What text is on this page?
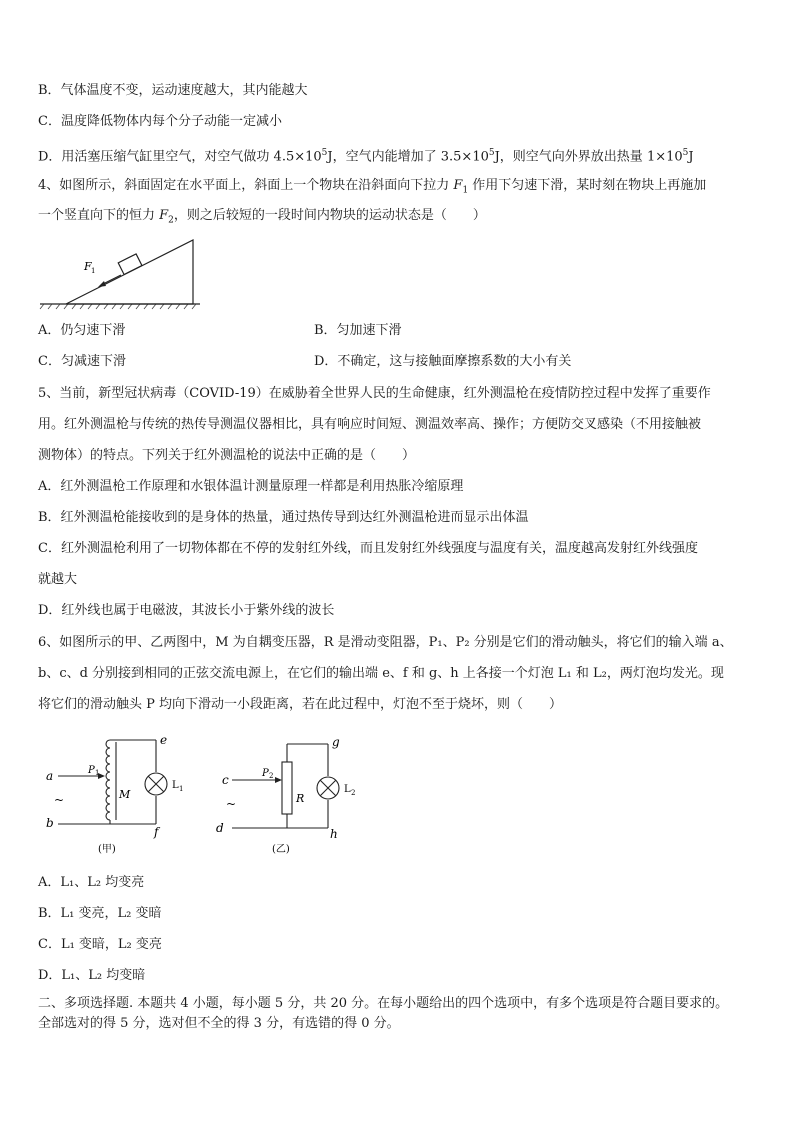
B．气体温度不变，运动速度越大，其内能越大
C．温度降低物体内每个分子动能一定减小
D．用活塞压缩气缸里空气，对空气做功 $4.5\times 10^5J$，空气内能增加了 $3.5\times 10^5J$，则空气向外界放出热量 $1\times 10^5J$
4、如图所示，斜面固定在水平面上，斜面上一个物块在沿斜面向下拉力 $F_1$ 作用下匀速下滑，某时刻在物块上再施加
一个竖直向下的恒力 $F_2$，则之后较短的一段时间内物块的运动状态是（　　）
F 1
A．仍匀速下滑	B．匀加速下滑
C．匀减速下滑	D．不确定，这与接触面摩擦系数的大小有关
5、当前，新型冠状病毒（COVID-19）在威胁着全世界人民的生命健康，红外测温枪在疫情防控过程中发挥了重要作
用。红外测温枪与传统的热传导测温仪器相比，具有响应时间短、测温效率高、操作；方便防交叉感染（不用接触被
测物体）的特点。下列关于红外测温枪的说法中正确的是（　　）
A．红外测温枪工作原理和水银体温计测量原理一样都是利用热胀冷缩原理
B．红外测温枪能接收到的是身体的热量，通过热传导到达红外测温枪进而显示出体温
C．红外测温枪利用了一切物体都在不停的发射红外线，而且发射红外线强度与温度有关，温度越高发射红外线强度
就越大
D．红外线也属于电磁波，其波长小于紫外线的波长
6、如图所示的甲、乙两图中，M 为自耦变压器，R 是滑动变阻器，P₁、P₂ 分别是它们的滑动触头，将它们的输入端 a、
b、c、d 分别接到相同的正弦交流电源上，在它们的输出端 e、f 和 g、h 上各接一个灯泡 L₁ 和 L₂，两灯泡均发光。现
将它们的滑动触头 P 均向下滑动一小段距离，若在此过程中，灯泡不至于烧坏，则（　　）
a
b
~
e
f
P 1
M
L 1
(甲)
c
d
~
g
h
P 2
R
L 2
(乙)
A．L₁、L₂ 均变亮
B．L₁ 变亮，L₂ 变暗
C．L₁ 变暗，L₂ 变亮
D．L₁、L₂ 均变暗
二、多项选择题. 本题共 4 小题，每小题 5 分，共 20 分。在每小题给出的四个选项中，有多个选项是符合题目要求的。
全部选对的得 5 分，选对但不全的得 3 分，有选错的得 0 分。
